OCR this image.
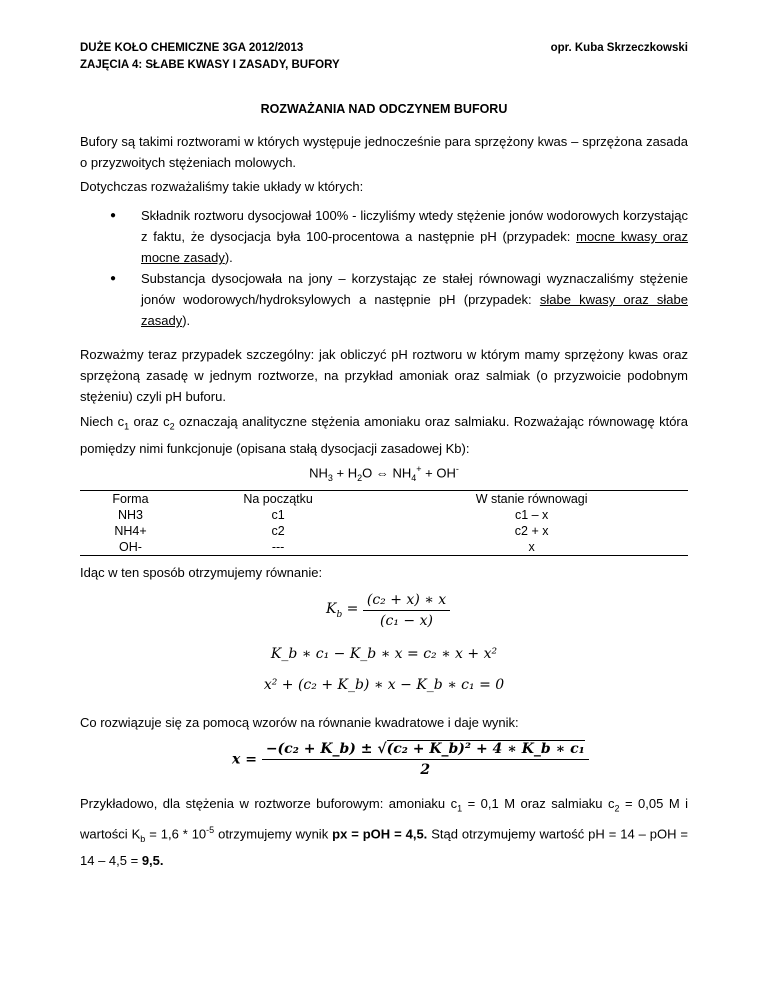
DUŻE KOŁO CHEMICZNE 3GA 2012/2013
ZAJĘCIA 4: SŁABE KWASY I ZASADY, BUFORY
opr. Kuba Skrzeczkowski
ROZWAŻANIA NAD ODCZYNEM BUFORU
Bufory są takimi roztworami w których występuje jednocześnie para sprzężony kwas – sprzężona zasada o przyzwoitych stężeniach molowych.
Dotychczas rozważaliśmy takie układy w których:
● Składnik roztworu dysocjował 100% - liczyliśmy wtedy stężenie jonów wodorowych korzystając z faktu, że dysocjacja była 100-procentowa a następnie pH (przypadek: mocne kwasy oraz mocne zasady).
● Substancja dysocjowała na jony – korzystając ze stałej równowagi wyznaczaliśmy stężenie jonów wodorowych/hydroksylowych a następnie pH (przypadek: słabe kwasy oraz słabe zasady).
Rozważmy teraz przypadek szczególny: jak obliczyć pH roztworu w którym mamy sprzężony kwas oraz sprzężoną zasadę w jednym roztworze, na przykład amoniak oraz salmiak (o przyzwoicie podobnym stężeniu) czyli pH buforu.
Niech $c_1$ oraz $c_2$ oznaczają analityczne stężenia amoniaku oraz salmiaku. Rozważając równowagę która pomiędzy nimi funkcjonuje (opisana stałą dysocjacji zasadowej Kb):
$NH_3 + H_2O$ ⇔ $NH_4^+ + OH^-$
Forma	Na początku	W stanie równowagi
NH3	c1	c1 – x
NH4+	c2	c2 + x
OH-	---	x
Idąc w ten sposób otrzymujemy równanie:
$K_b = \frac{\text{(c₂ + x) ∗ x}}{\text{(c₁ − x)}}$
K_b ∗ c₁ − K_b ∗ x = c₂ ∗ x + x²
x² + (c₂ + K_b) ∗ x − K_b ∗ c₁ = 0
Co rozwiązuje się za pomocą wzorów na równanie kwadratowe i daje wynik:
$x = \frac{\text{−(c₂ + K\_b) ± √(c₂ + K\_b)² + 4 ∗ K\_b ∗ c₁}}{2}$
Przykładowo, dla stężenia w roztworze buforowym: amoniaku $c_1 = 0,1$ M oraz salmiaku $c_2 = 0,05$ M i wartości $K_b = 1,6 * 10^{-5}$ otrzymujemy wynik px = pOH = 4,5. Stąd otrzymujemy wartość pH = 14 – pOH = 14 – 4,5 = 9,5.
